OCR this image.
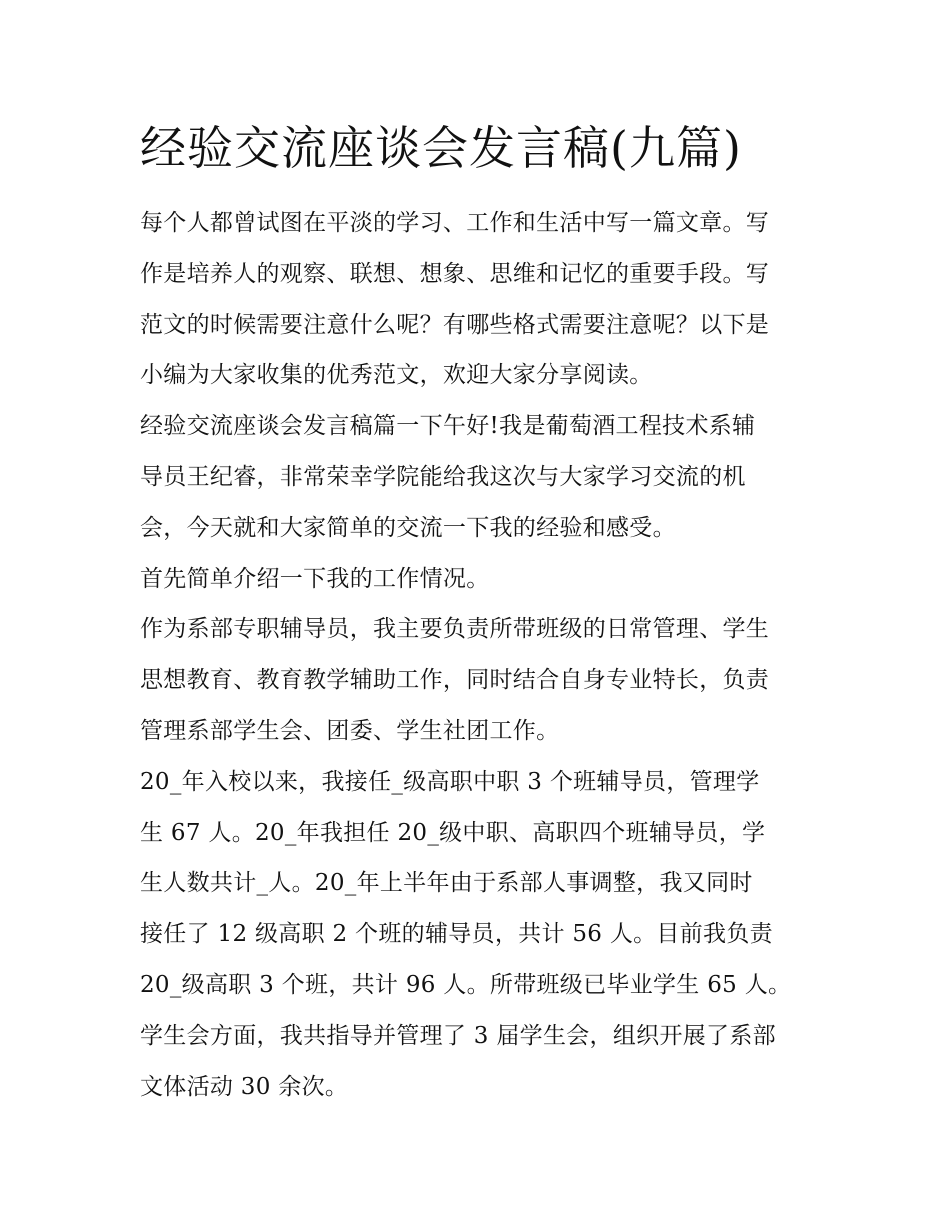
经验交流座谈会发言稿(九篇)
每个人都曾试图在平淡的学习、工作和生活中写一篇文章。写
作是培养人的观察、联想、想象、思维和记忆的重要手段。写
范文的时候需要注意什么呢？有哪些格式需要注意呢？以下是
小编为大家收集的优秀范文，欢迎大家分享阅读。
经验交流座谈会发言稿篇一下午好!我是葡萄酒工程技术系辅
导员王纪睿，非常荣幸学院能给我这次与大家学习交流的机
会，今天就和大家简单的交流一下我的经验和感受。
首先简单介绍一下我的工作情况。
作为系部专职辅导员，我主要负责所带班级的日常管理、学生
思想教育、教育教学辅助工作，同时结合自身专业特长，负责
管理系部学生会、团委、学生社团工作。
20_年入校以来，我接任_级高职中职 3 个班辅导员，管理学
生 67 人。20_年我担任 20_级中职、高职四个班辅导员，学
生人数共计_人。20_年上半年由于系部人事调整，我又同时
接任了 12 级高职 2 个班的辅导员，共计 56 人。目前我负责
20_级高职 3 个班，共计 96 人。所带班级已毕业学生 65 人。
学生会方面，我共指导并管理了 3 届学生会，组织开展了系部
文体活动 30 余次。
